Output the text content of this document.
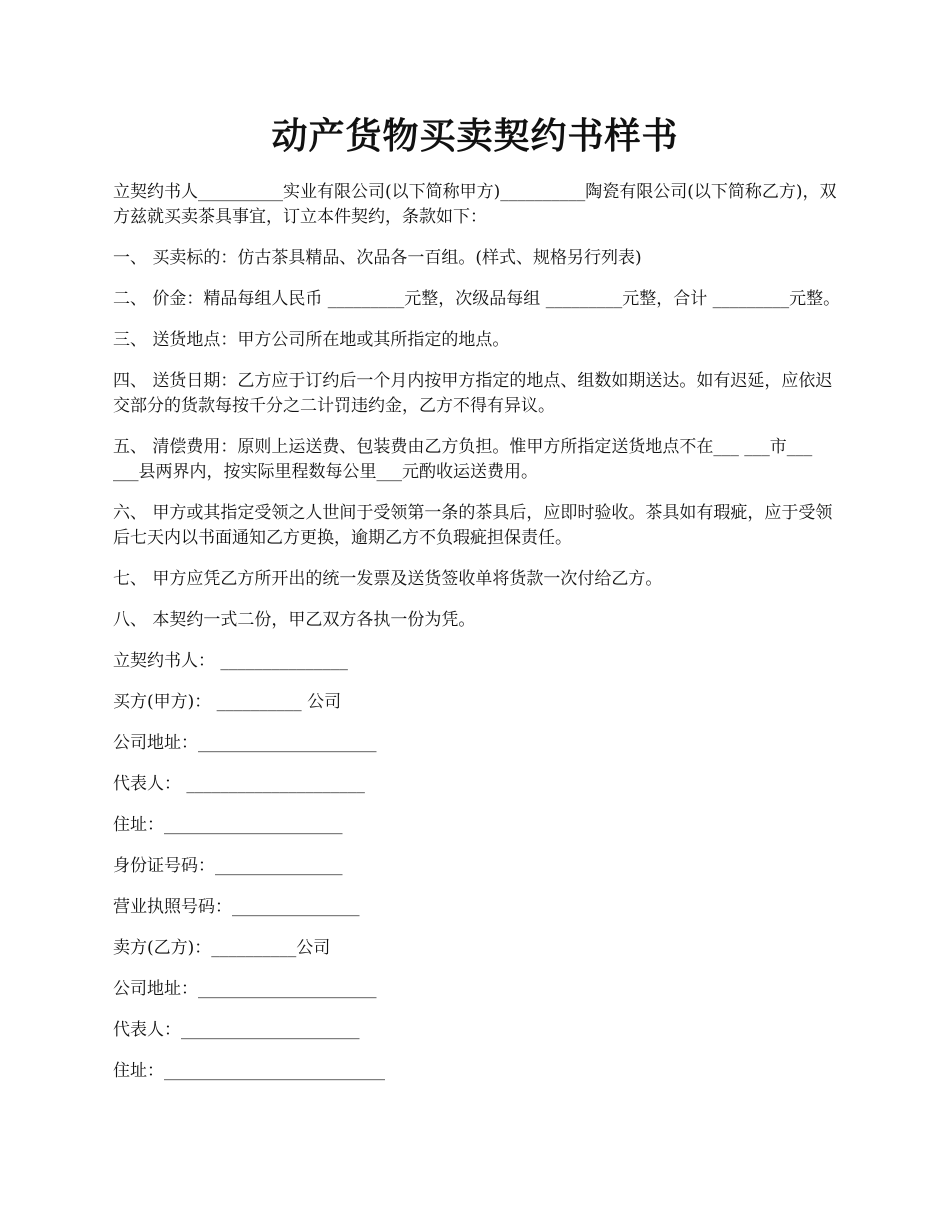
动产货物买卖契约书样书

立契约书人__________实业有限公司(以下简称甲方)__________陶瓷有限公司(以下简称乙方)，双方兹就买卖茶具事宜，订立本件契约，条款如下：

一、 买卖标的：仿古茶具精品、次品各一百组。(样式、规格另行列表)

二、 价金：精品每组人民币 _________元整，次级品每组 _________元整，合计 _________元整。

三、 送货地点：甲方公司所在地或其所指定的地点。

四、 送货日期：乙方应于订约后一个月内按甲方指定的地点、组数如期送达。如有迟延，应依迟交部分的货款每按千分之二计罚违约金，乙方不得有异议。

五、 清偿费用：原则上运送费、包装费由乙方负担。惟甲方所指定送货地点不在___ ___市___ ___县两界内，按实际里程数每公里___元酌收运送费用。

六、 甲方或其指定受领之人世间于受领第一条的茶具后，应即时验收。茶具如有瑕疵，应于受领后七天内以书面通知乙方更换，逾期乙方不负瑕疵担保责任。

七、 甲方应凭乙方所开出的统一发票及送货签收单将货款一次付给乙方。

八、 本契约一式二份，甲乙双方各执一份为凭。

立契约书人： _______________
买方(甲方)： __________ 公司
公司地址：_____________________
代表人： _____________________
住址：_____________________
身份证号码：_______________
营业执照号码：_______________
卖方(乙方)：__________公司
公司地址：_____________________
代表人：_____________________
住址：__________________________
